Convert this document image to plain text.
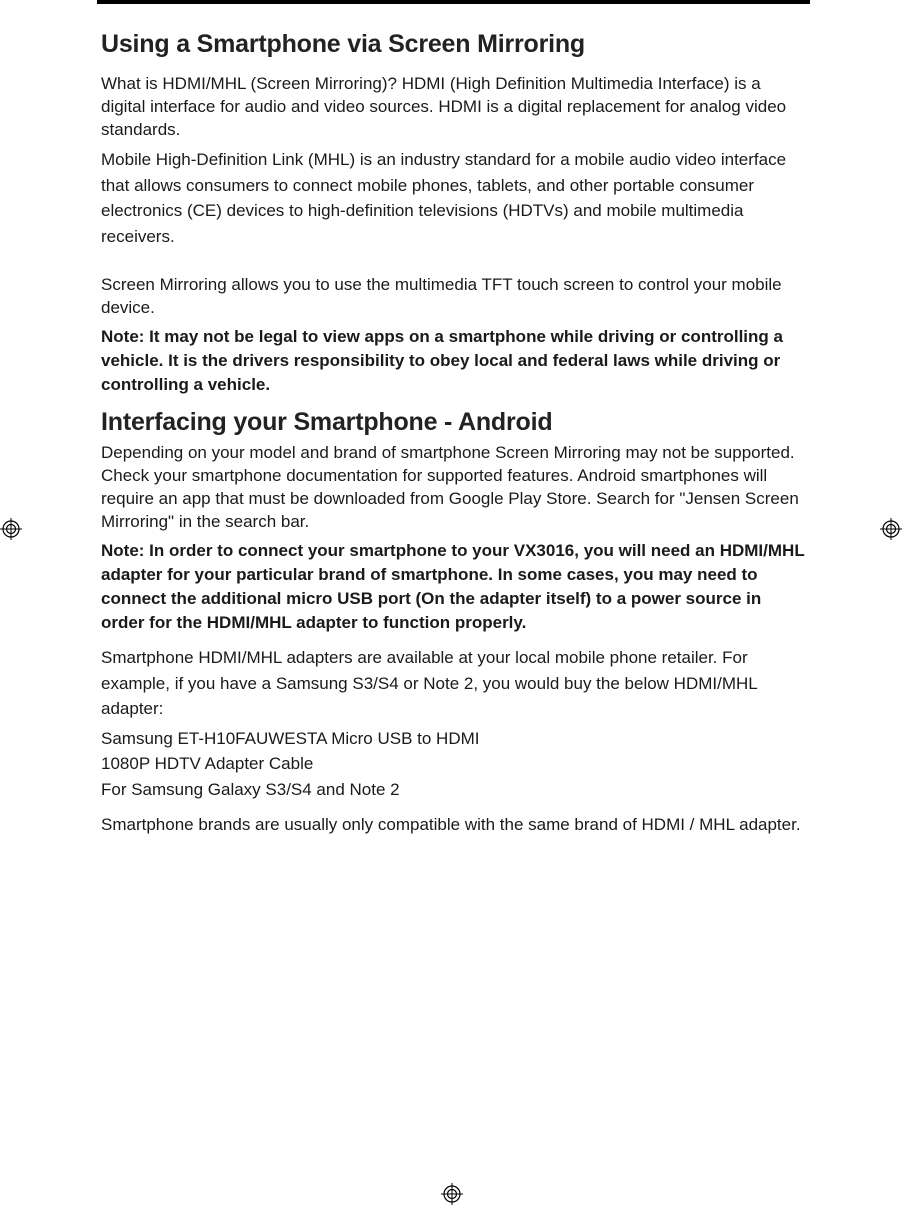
Using a Smartphone via Screen Mirroring

What is HDMI/MHL (Screen Mirroring)? HDMI (High Definition Multimedia Interface) is a digital interface for audio and video sources. HDMI is a digital replacement for analog video standards.

Mobile High-Definition Link (MHL) is an industry standard for a mobile audio video interface that allows consumers to connect mobile phones, tablets, and other portable consumer electronics (CE) devices to high-definition televisions (HDTVs) and mobile multimedia receivers.

Screen Mirroring allows you to use the multimedia TFT touch screen to control your mobile device.

Note: It may not be legal to view apps on a smartphone while driving or controlling a vehicle. It is the drivers responsibility to obey local and federal laws while driving or controlling a vehicle.

Interfacing your Smartphone - Android

Depending on your model and brand of smartphone Screen Mirroring may not be supported. Check your smartphone documentation for supported features. Android smartphones will require an app that must be downloaded from Google Play Store. Search for "Jensen Screen Mirroring" in the search bar.

Note: In order to connect your smartphone to your VX3016, you will need an HDMI/MHL adapter for your particular brand of smartphone. In some cases, you may need to connect the additional micro USB port (On the adapter itself) to a power source in order for the HDMI/MHL adapter to function properly.

Smartphone HDMI/MHL adapters are available at your local mobile phone retailer. For example, if you have a Samsung S3/S4 or Note 2, you would buy the below HDMI/MHL adapter:

Samsung ET-H10FAUWESTA Micro USB to HDMI

1080P HDTV Adapter Cable

For Samsung Galaxy S3/S4 and Note 2

Smartphone brands are usually only compatible with the same brand of HDMI / MHL adapter.
